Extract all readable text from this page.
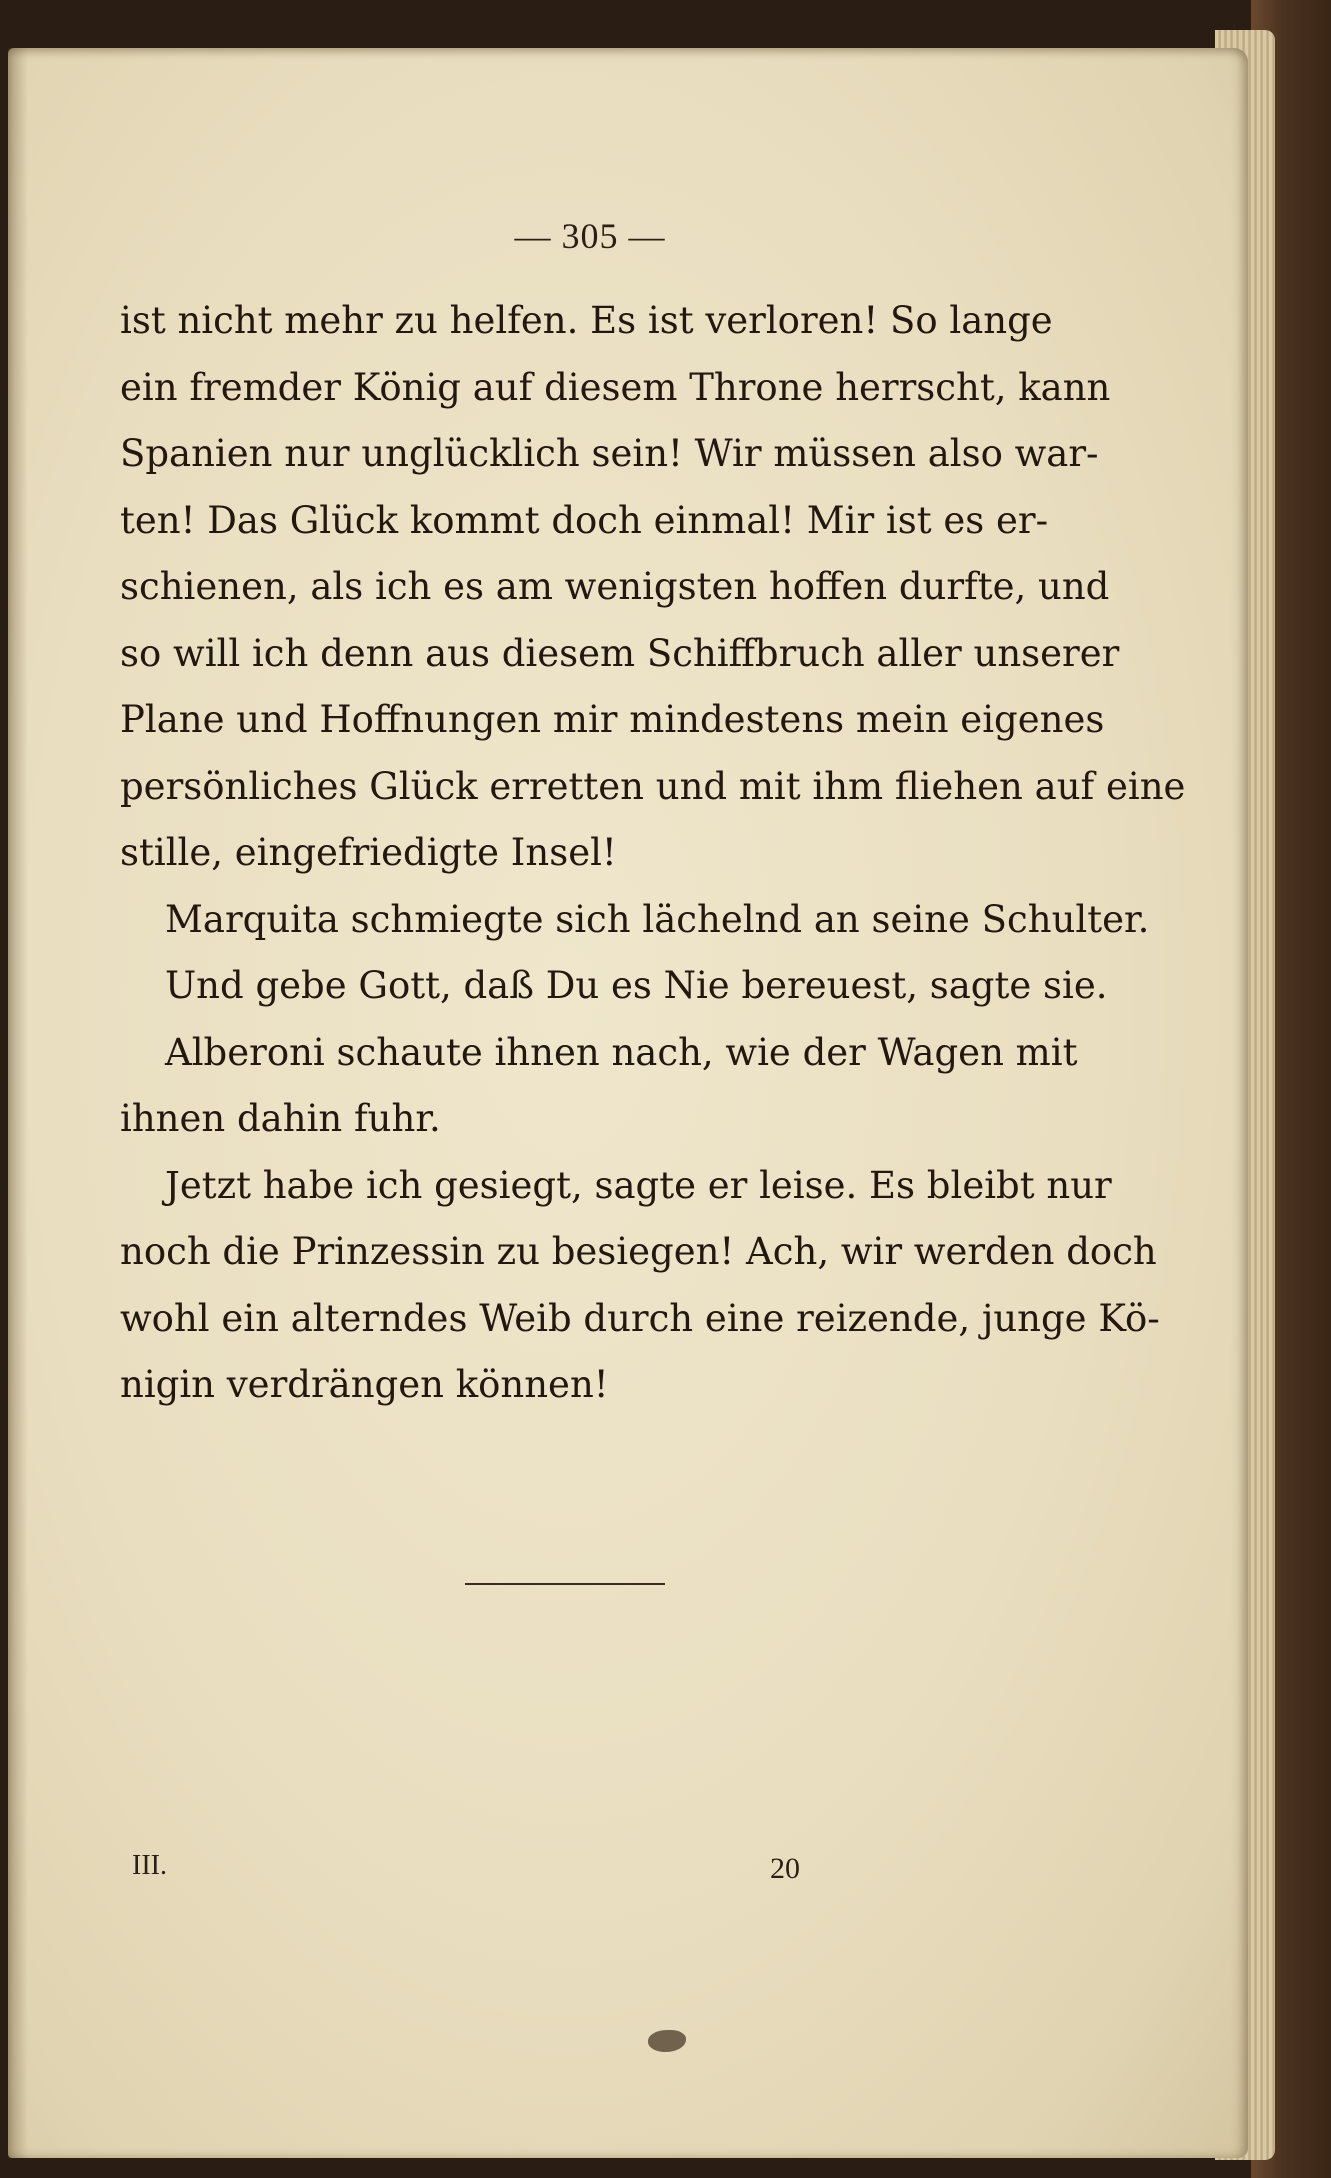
— 305 —
ist nicht mehr zu helfen. Es ist verloren! So lange
ein fremder König auf diesem Throne herrscht, kann
Spanien nur unglücklich sein! Wir müssen also war-
ten! Das Glück kommt doch einmal! Mir ist es er-
schienen, als ich es am wenigsten hoffen durfte, und
so will ich denn aus diesem Schiffbruch aller unserer
Plane und Hoffnungen mir mindestens mein eigenes
persönliches Glück erretten und mit ihm fliehen auf eine
stille, eingefriedigte Insel!
Marquita schmiegte sich lächelnd an seine Schulter.
Und gebe Gott, daß Du es Nie bereuest, sagte sie.
Alberoni schaute ihnen nach, wie der Wagen mit
ihnen dahin fuhr.
Jetzt habe ich gesiegt, sagte er leise. Es bleibt nur
noch die Prinzessin zu besiegen! Ach, wir werden doch
wohl ein alterndes Weib durch eine reizende, junge Kö-
nigin verdrängen können!
III.	20
